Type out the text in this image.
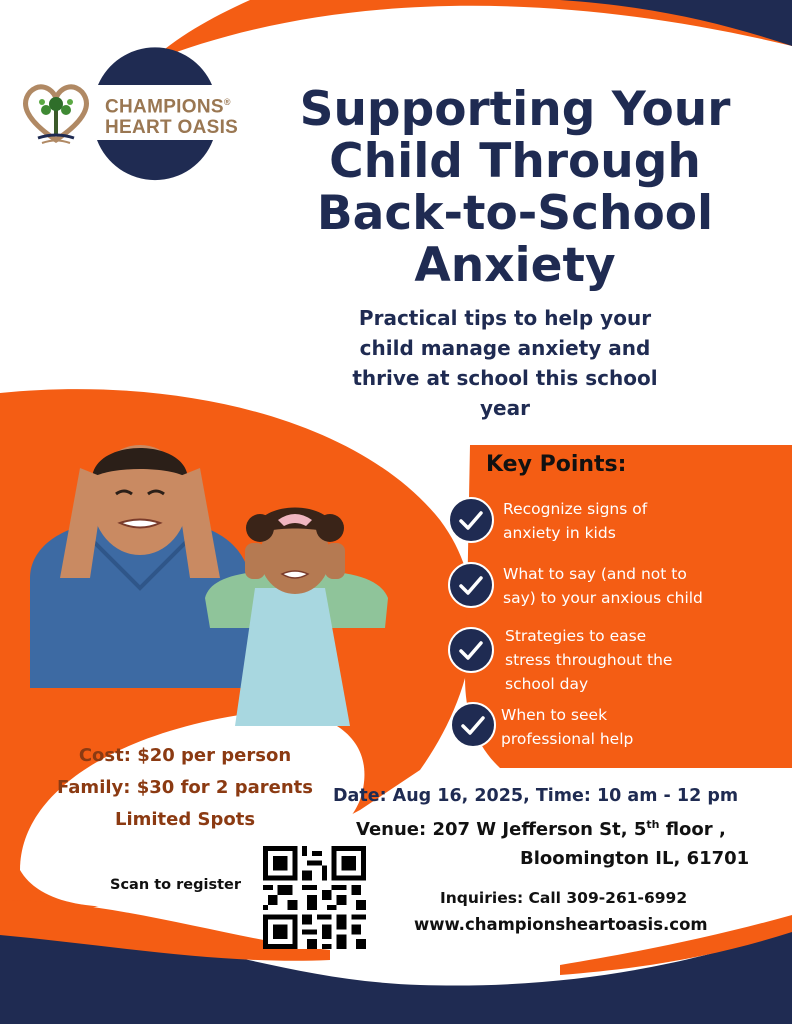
CHAMPIONS®
HEART OASIS	Supporting Your
Child Through
Back-to-School
Anxiety
Practical tips to help your
child manage anxiety and
thrive at school this school
year
Key Points:
Recognize signs of
anxiety in kids
What to say (and not to
say) to your anxious child
Strategies to ease
stress throughout the
school day
When to seek
professional help
Cost: $20 per person
Family: $30 for 2 parents
Limited Spots
Date: Aug 16, 2025, Time: 10 am - 12 pm
Venue: 207 W Jefferson St, 5th floor ,
Bloomington IL, 61701
Scan to register
Inquiries: Call 309-261-6992
www.championsheartoasis.com
